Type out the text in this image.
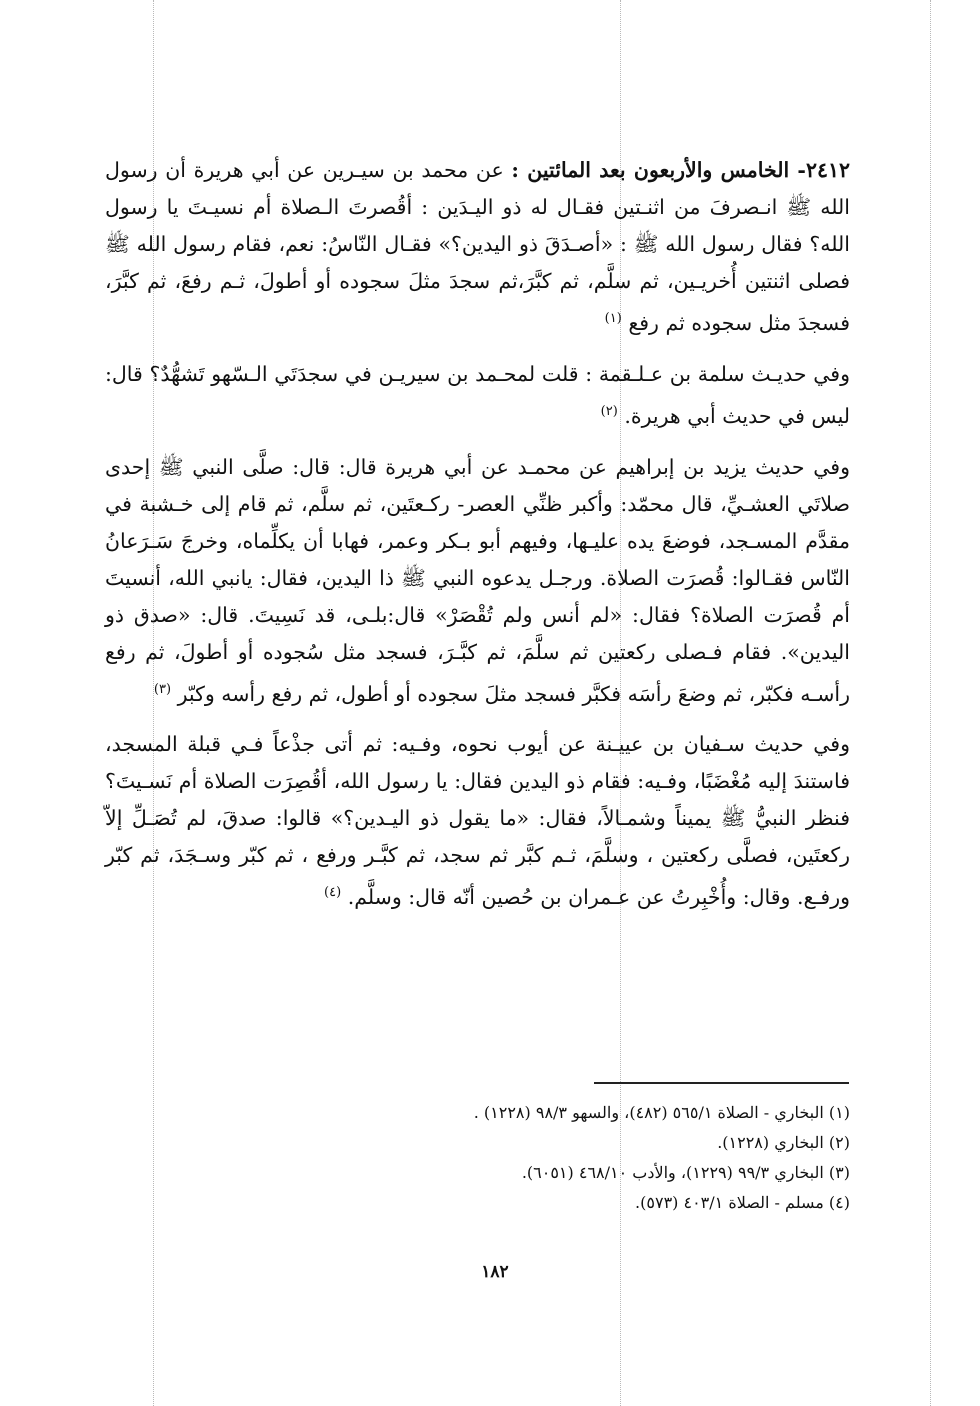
٢٤١٢- الخامس والأربعون بعد المائتين : عن محمد بن سيـرين عن أبي هريرة أن رسول الله ﷺ انـصرفَ من اثنـتين فقـال له ذو اليـدَين : أقُصرتَ الـصلاة أم نسيـتَ يا رسول الله؟ فقال رسول الله ﷺ : «أصـدَقَ ذو اليدين؟» فقـال النّاسُ: نعم، فقام رسول الله ﷺ فصلى اثنتين أُخريـين، ثم سلَّم، ثم كبَّرَ،ثم سجدَ مثلَ سجوده أو أطولَ، ثـم رفعَ، ثم كبَّرَ، فسجدَ مثل سجوده ثم رفع $^{(١)}$

وفي حديـث سلمة بن عـلـقمة : قلت لمحـمد بن سيريـن في سجدَتَي الـسّهو تَشهُّدٌ؟ قال: ليس في حديث أبي هريرة. $^{(٢)}$

وفي حديث يزيد بن إبراهيم عن محمـد عن أبي هريرة قال: قال: صلَّى النبي ﷺ إحدى صلاتَي العشـيِّ، قال محمّد: وأكبر ظنِّي العصر- ركـعتَين، ثم سلَّم، ثم قام إلى خـشبة في مقدَّم المسـجد، فوضعَ يده عليـها، وفيهم أبو بـكر وعمر، فهابا أن يكلِّماه، وخرجَ سَـرَعانُ النّاس فقـالوا: قُصرَت الصلاة. ورجـل يدعوه النبي ﷺ ذا اليدين، فقال: يانبي الله، أنسيتَ أم قُصرَت الصلاة؟ فقال: «لم أنس ولم تُقْصَرْ» قال:بلـى، قد نَسِيتَ. قال: «صدق ذو اليدين». فقام فـصلى ركعتين ثم سلَّمَ، ثم كبَّـرَ، فسجد مثل سُجوده أو أطولَ، ثم رفع رأسـه فكبّر، ثم وضعَ رأسَه فكبَّر فسجد مثلَ سجوده أو أطول، ثم رفع رأسه وكبّر $^{(٣)}$

وفي حديث سـفيان بن عييـنة عن أيوب نحوه، وفـيه: ثم أتى جذْعاً فـي قبلة المسجد، فاستندَ إليه مُغْضَبًا، وفـيه: فقام ذو اليدين فقال: يا رسول الله، أقُصِرَت الصلاة أم نَسـيتَ؟ فنظر النبيُّ ﷺ يميناً وشمـالاً، فقال: «ما يقول ذو اليـدين؟» قالوا: صدقَ، لم تُصَـلِّ إلاّ ركعتَين، فصلَّى ركعتين ، وسلَّمَ، ثـم كبَّر ثم سجد، ثم كبَّـر ورفع ، ثم كبّر وسـجَدَ، ثم كبّر ورفـع. وقال: وأُخْبِرتُ عن عـمران بن حُصين أنّه قال: وسلَّم. $^{(٤)}$

(١) البخاري - الصلاة ٥٦٥/١ (٤٨٢)، والسهو ٩٨/٣ (١٢٢٨) .

(٢) البخاري (١٢٢٨).

(٣) البخاري ٩٩/٣ (١٢٢٩)، والأدب ٤٦٨/١٠ (٦٠٥١).

(٤) مسلم - الصلاة ٤٠٣/١ (٥٧٣).

١٨٢
